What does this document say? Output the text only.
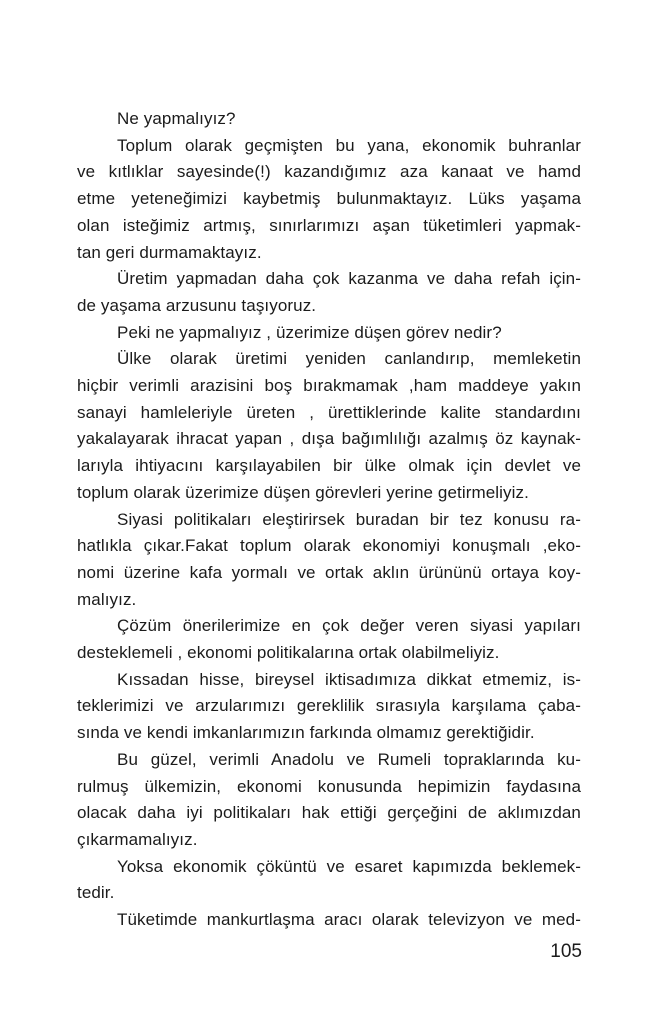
Ne yapmalıyız?
Toplum olarak geçmişten bu yana, ekonomik buhranlar
ve kıtlıklar sayesinde(!) kazandığımız aza kanaat ve hamd
etme yeteneğimizi kaybetmiş bulunmaktayız. Lüks yaşama
olan isteğimiz artmış, sınırlarımızı aşan tüketimleri yapmak-
tan geri durmamaktayız.
Üretim yapmadan daha çok kazanma ve daha refah için-
de yaşama arzusunu taşıyoruz.
Peki ne yapmalıyız , üzerimize düşen görev nedir?
Ülke olarak üretimi yeniden canlandırıp, memleketin
hiçbir verimli arazisini boş bırakmamak ,ham maddeye yakın
sanayi hamleleriyle üreten , ürettiklerinde kalite standardını
yakalayarak ihracat yapan , dışa bağımlılığı azalmış öz kaynak-
larıyla ihtiyacını karşılayabilen bir ülke olmak için devlet ve
toplum olarak üzerimize düşen görevleri yerine getirmeliyiz.
Siyasi politikaları eleştirirsek buradan bir tez konusu ra-
hatlıkla çıkar.Fakat toplum olarak ekonomiyi konuşmalı ,eko-
nomi üzerine kafa yormalı ve ortak aklın ürününü ortaya koy-
malıyız.
Çözüm önerilerimize en çok değer veren siyasi yapıları
desteklemeli , ekonomi politikalarına ortak olabilmeliyiz.
Kıssadan hisse, bireysel iktisadımıza dikkat etmemiz, is-
teklerimizi ve arzularımızı gereklilik sırasıyla karşılama çaba-
sında ve kendi imkanlarımızın farkında olmamız gerektiğidir.
Bu güzel, verimli Anadolu ve Rumeli topraklarında ku-
rulmuş ülkemizin, ekonomi konusunda hepimizin faydasına
olacak daha iyi politikaları hak ettiği gerçeğini de aklımızdan
çıkarmamalıyız.
Yoksa ekonomik çöküntü ve esaret kapımızda beklemek-
tedir.
Tüketimde mankurtlaşma aracı olarak televizyon ve med-
105
